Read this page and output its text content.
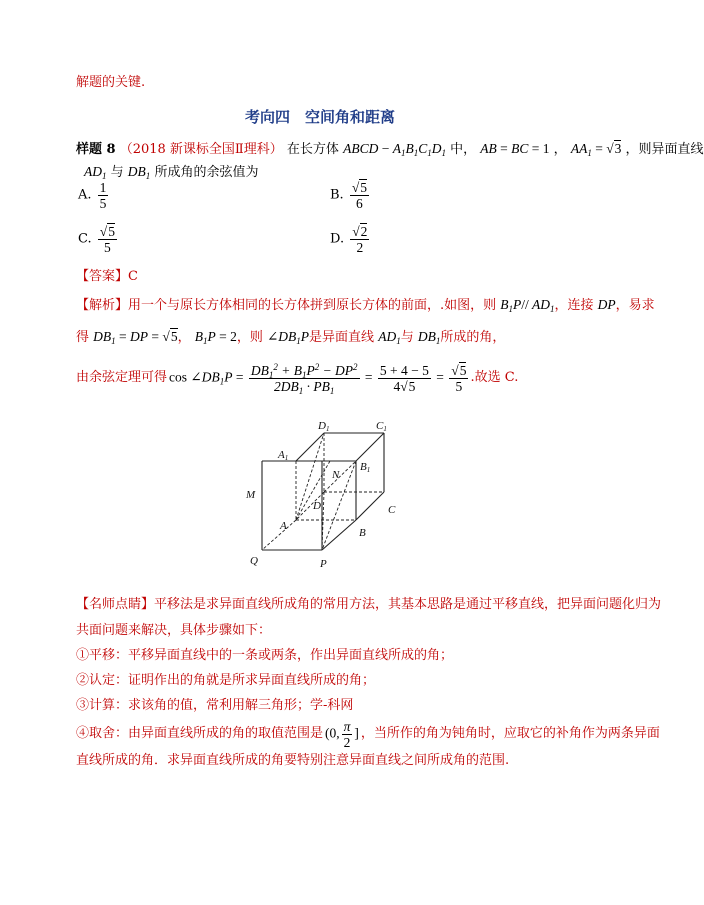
解题的关键.
考向四　空间角和距离
样题 8 （2018 新课标全国Ⅱ理科） 在长方体 ABCD − $A_1B_1C_1D_1$ 中， AB = BC = 1 ， $AA_1 = √3$ ，则异面直线
$AD_1$ 与 $DB_1$ 所成角的余弦值为
A. $\frac{1}{5}$	B. $\frac{√5}{6}$
C. $\frac{√5}{5}$	D. $\frac{√2}{2}$
【答案】C
【解析】用一个与原长方体相同的长方体拼到原长方体的前面，.如图，则 $B_1P//$ $AD_1$，连接 DP，易求
得 $DB_1$ = DP = √5， $B_1P = 2$，则 $\angle DB_1P$是异面直线 $AD_1$与 $DB_1$所成的角，
由余弦定理可得 $\cos \angle DB_1P = \frac{DB_1^2 + B_1P^2 - DP^2}{2DB_1 \cdot PB_1} = \frac{5 + 4 - 5}{4√5} = \frac{√5}{5}$ .故选 C.
D1	C1
A1
B1
M
N
D	C
A
B
Q	P
【名师点睛】平移法是求异面直线所成角的常用方法，其基本思路是通过平移直线，把异面问题化归为
共面问题来解决，具体步骤如下：
①平移：平移异面直线中的一条或两条，作出异面直线所成的角；
②认定：证明作出的角就是所求异面直线所成的角；
③计算：求该角的值，常利用解三角形；学-科网
④取舍：由异面直线所成的角的取值范围是 (0, $\frac{\pi}{2}$ ] ，当所作的角为钝角时，应取它的补角作为两条异面
直线所成的角．求异面直线所成的角要特别注意异面直线之间所成角的范围.
